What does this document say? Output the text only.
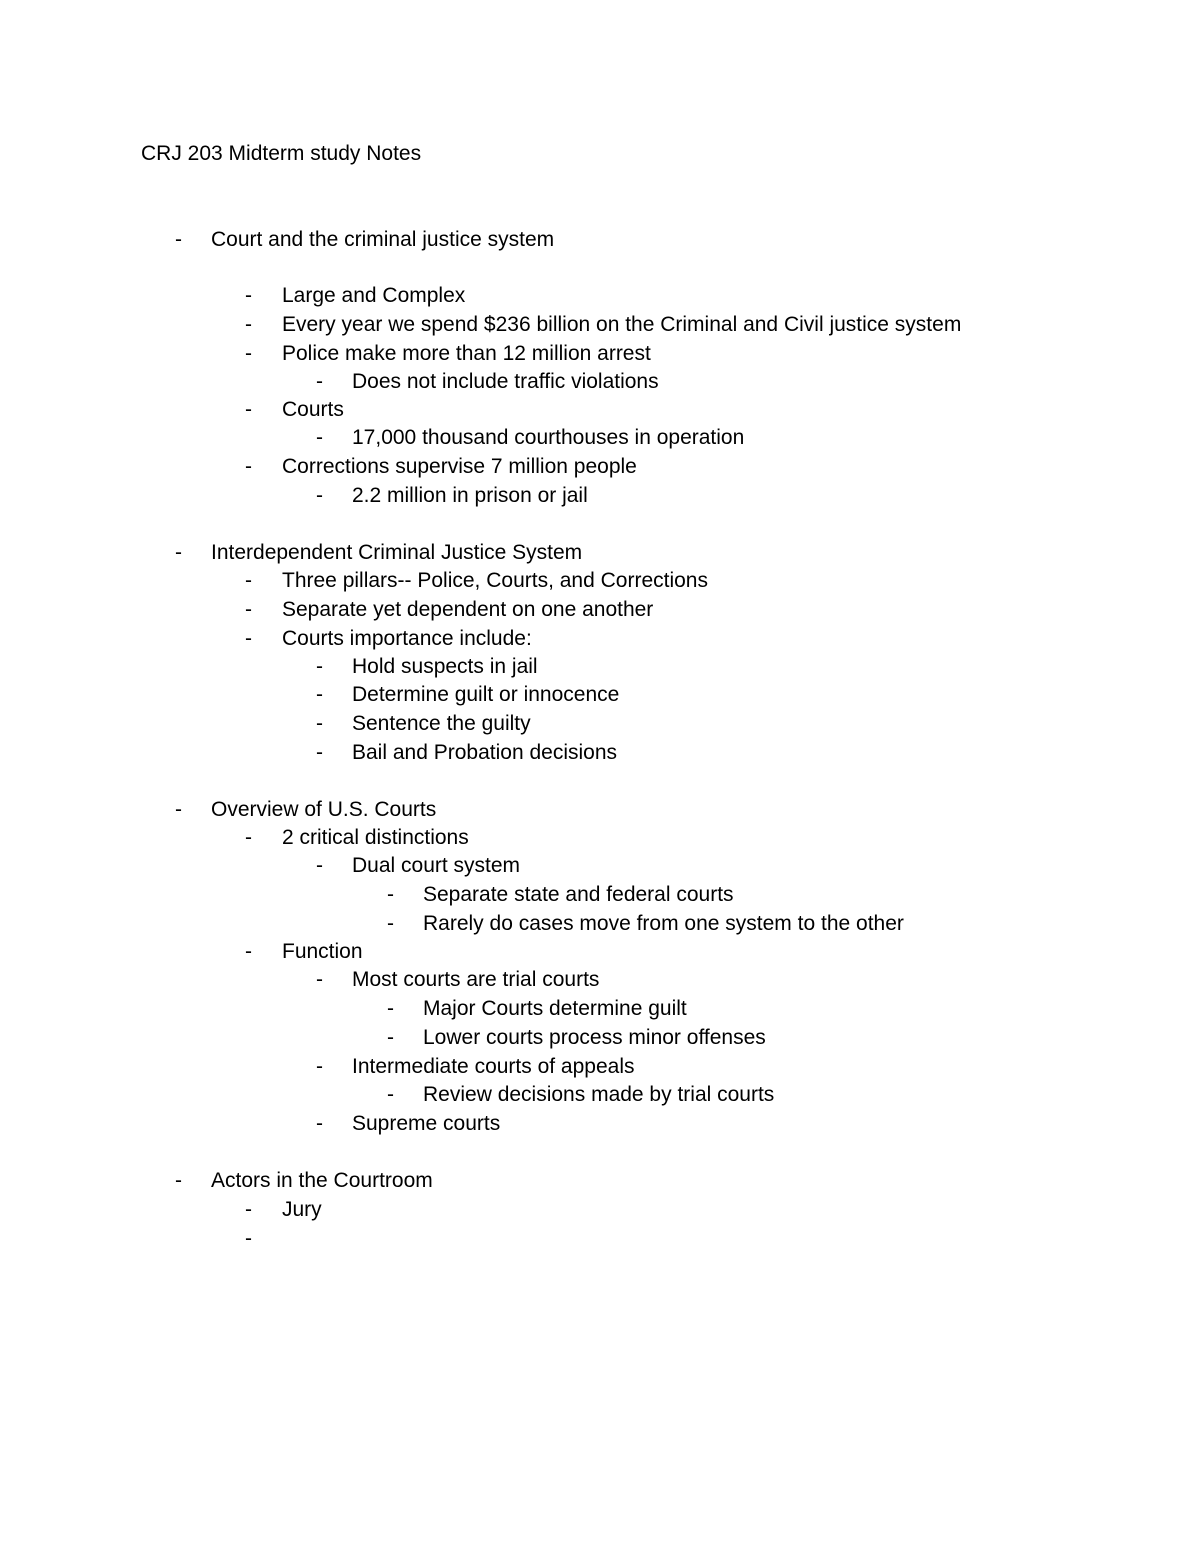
CRJ 203 Midterm study Notes
- Court and the criminal justice system
- Large and Complex
- Every year we spend $236 billion on the Criminal and Civil justice system
- Police make more than 12 million arrest
- Does not include traffic violations
- Courts
- 17,000 thousand courthouses in operation
- Corrections supervise 7 million people
- 2.2 million in prison or jail
- Interdependent Criminal Justice System
- Three pillars-- Police, Courts, and Corrections
- Separate yet dependent on one another
- Courts importance include:
- Hold suspects in jail
- Determine guilt or innocence
- Sentence the guilty
- Bail and Probation decisions
- Overview of U.S. Courts
- 2 critical distinctions
- Dual court system
- Separate state and federal courts
- Rarely do cases move from one system to the other
- Function
- Most courts are trial courts
- Major Courts determine guilt
- Lower courts process minor offenses
- Intermediate courts of appeals
- Review decisions made by trial courts
- Supreme courts
- Actors in the Courtroom
- Jury
-
